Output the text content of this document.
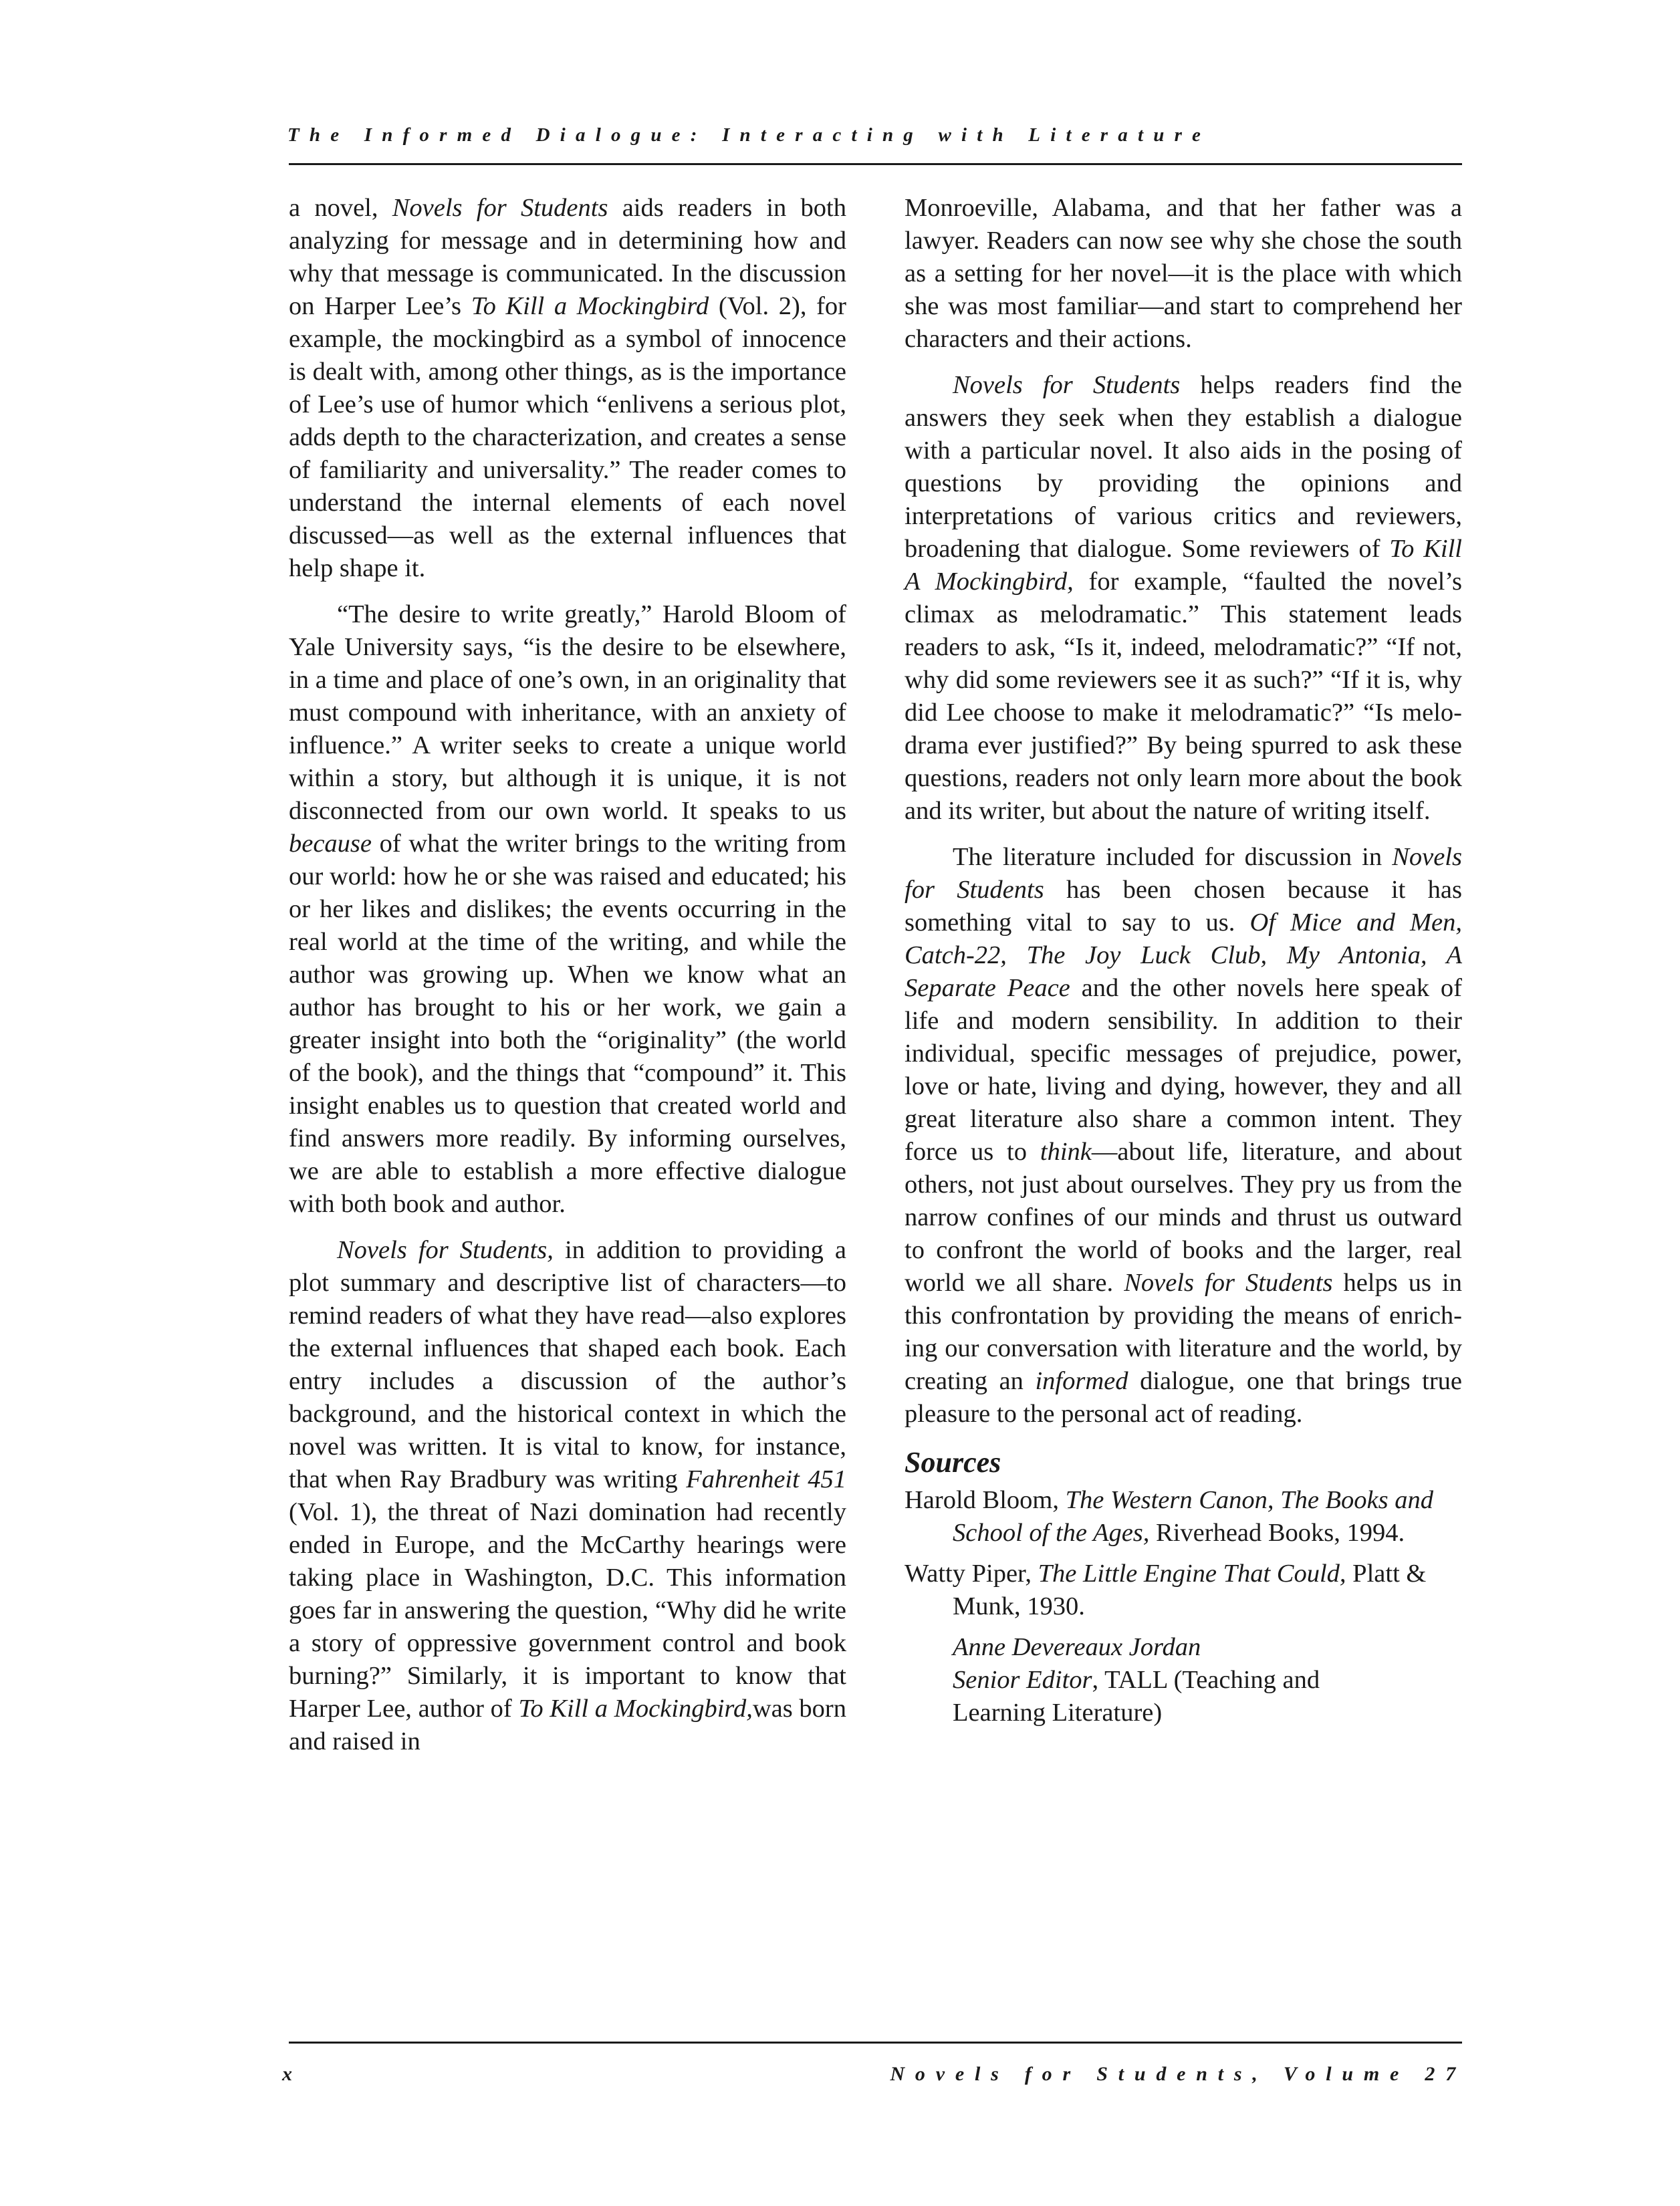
The Informed Dialogue: Interacting with Literature

a novel, Novels for Students aids readers in both analyzing for message and in determining how and why that message is communicated. In the discussion on Harper Lee’s To Kill a Mockingbird (Vol. 2), for example, the mockingbird as a symbol of innocence is dealt with, among other things, as is the importance of Lee’s use of humor which “enlivens a serious plot, adds depth to the characterization, and creates a sense of familiarity and universality.” The reader comes to understand the internal elements of each novel discussed—as well as the external influences that help shape it.

“The desire to write greatly,” Harold Bloom of Yale University says, “is the desire to be elsewhere, in a time and place of one’s own, in an originality that must compound with inheritance, with an anxiety of influence.” A writer seeks to create a unique world within a story, but although it is unique, it is not disconnected from our own world. It speaks to us because of what the writer brings to the writing from our world: how he or she was raised and educated; his or her likes and dislikes; the events occurring in the real world at the time of the writing, and while the author was growing up. When we know what an author has brought to his or her work, we gain a greater insight into both the “originality” (the world of the book), and the things that “compound” it. This insight enables us to question that created world and find answers more readily. By informing ourselves, we are able to establish a more effective dialogue with both book and author.

Novels for Students, in addition to providing a plot summary and descriptive list of characters—to remind readers of what they have read—also explores the external influences that shaped each book. Each entry includes a discussion of the author’s background, and the historical context in which the novel was written. It is vital to know, for instance, that when Ray Bradbury was writing Fahrenheit 451 (Vol. 1), the threat of Nazi domination had recently ended in Europe, and the McCarthy hearings were taking place in Washington, D.C. This information goes far in answering the question, “Why did he write a story of oppressive government control and book burning?” Similarly, it is important to know that Harper Lee, author of To Kill a Mockingbird,was born and raised in

Monroeville, Alabama, and that her father was a lawyer. Readers can now see why she chose the south as a setting for her novel—it is the place with which she was most familiar—and start to comprehend her characters and their actions.

Novels for Students helps readers find the answers they seek when they establish a dialogue with a particular novel. It also aids in the posing of questions by providing the opinions and interpretations of various critics and reviewers, broadening that dialogue. Some reviewers of To Kill A Mockingbird, for example, “faulted the novel’s climax as melodramatic.” This statement leads readers to ask, “Is it, indeed, melodramatic?” “If not, why did some reviewers see it as such?” “If it is, why did Lee choose to make it melodramatic?” “Is melodrama ever justified?” By being spurred to ask these questions, readers not only learn more about the book and its writer, but about the nature of writing itself.

The literature included for discussion in Novels for Students has been chosen because it has something vital to say to us. Of Mice and Men, Catch-22, The Joy Luck Club, My Antonia, A Separate Peace and the other novels here speak of life and modern sensibility. In addition to their individual, specific messages of prejudice, power, love or hate, living and dying, however, they and all great literature also share a common intent. They force us to think—about life, literature, and about others, not just about ourselves. They pry us from the narrow confines of our minds and thrust us outward to confront the world of books and the larger, real world we all share. Novels for Students helps us in this confrontation by providing the means of enriching our conversation with literature and the world, by creating an informed dialogue, one that brings true pleasure to the personal act of reading.

Sources
Harold Bloom, The Western Canon, The Books and School of the Ages, Riverhead Books, 1994.
Watty Piper, The Little Engine That Could, Platt & Munk, 1930.
Anne Devereaux Jordan
Senior Editor, TALL (Teaching and
Learning Literature)
x	Novels for Students, Volume 27
